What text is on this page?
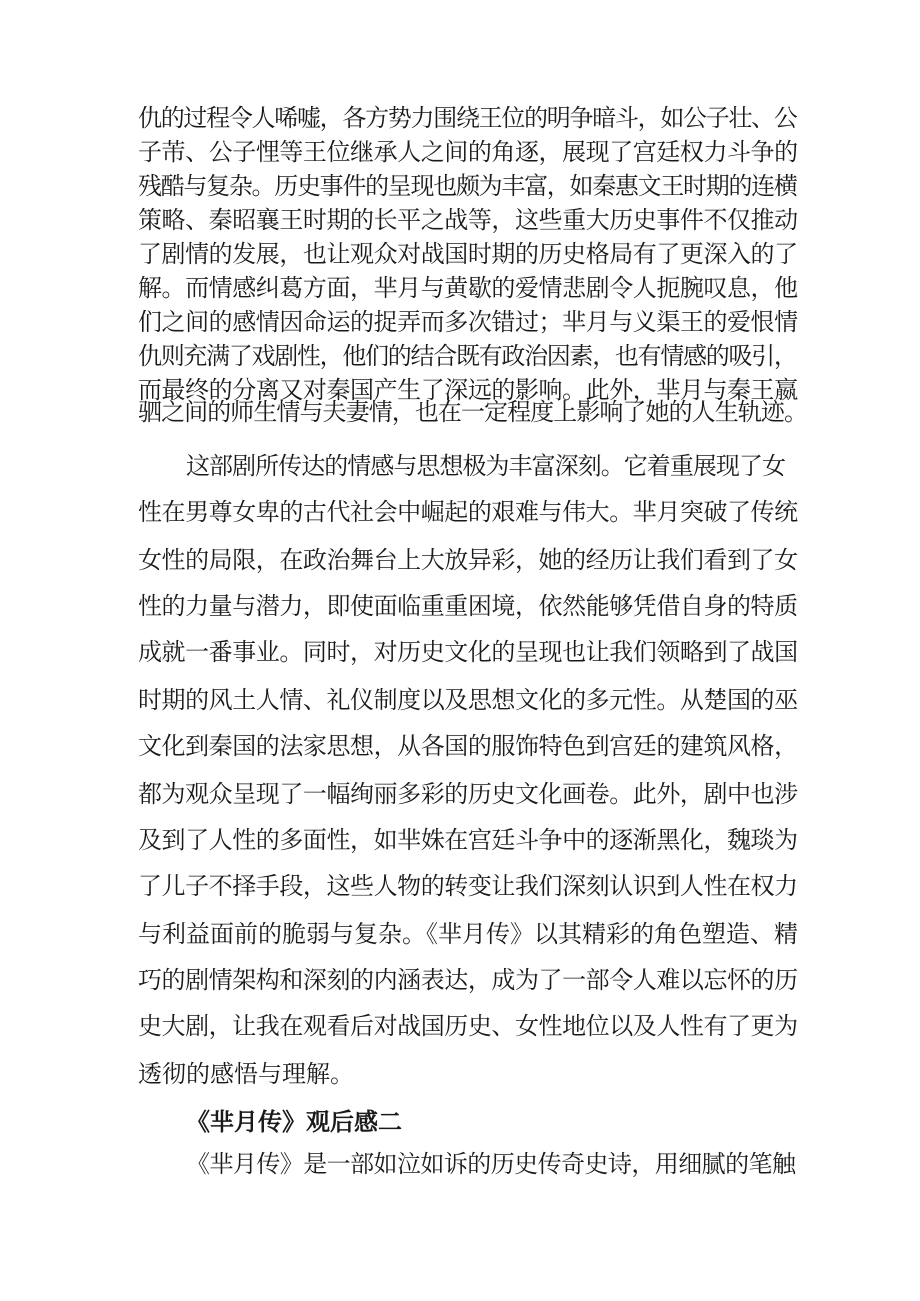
仇的过程令人唏嘘，各方势力围绕王位的明争暗斗，如公子壮、公
子芾、公子悝等王位继承人之间的角逐，展现了宫廷权力斗争的
残酷与复杂。历史事件的呈现也颇为丰富，如秦惠文王时期的连横
策略、秦昭襄王时期的长平之战等，这些重大历史事件不仅推动
了剧情的发展，也让观众对战国时期的历史格局有了更深入的了
解。而情感纠葛方面，芈月与黄歇的爱情悲剧令人扼腕叹息，他
们之间的感情因命运的捉弄而多次错过；芈月与义渠王的爱恨情
仇则充满了戏剧性，他们的结合既有政治因素，也有情感的吸引，
而最终的分离又对秦国产生了深远的影响。此外，芈月与秦王嬴
驷之间的师生情与夫妻情，也在一定程度上影响了她的人生轨迹。
这部剧所传达的情感与思想极为丰富深刻。它着重展现了女
性在男尊女卑的古代社会中崛起的艰难与伟大。芈月突破了传统
女性的局限，在政治舞台上大放异彩，她的经历让我们看到了女
性的力量与潜力，即使面临重重困境，依然能够凭借自身的特质
成就一番事业。同时，对历史文化的呈现也让我们领略到了战国
时期的风土人情、礼仪制度以及思想文化的多元性。从楚国的巫
文化到秦国的法家思想，从各国的服饰特色到宫廷的建筑风格，
都为观众呈现了一幅绚丽多彩的历史文化画卷。此外，剧中也涉
及到了人性的多面性，如芈姝在宫廷斗争中的逐渐黑化，魏琰为
了儿子不择手段，这些人物的转变让我们深刻认识到人性在权力
与利益面前的脆弱与复杂。《芈月传》以其精彩的角色塑造、精
巧的剧情架构和深刻的内涵表达，成为了一部令人难以忘怀的历
史大剧，让我在观看后对战国历史、女性地位以及人性有了更为
透彻的感悟与理解。
《芈月传》观后感二
《芈月传》是一部如泣如诉的历史传奇史诗，用细腻的笔触
